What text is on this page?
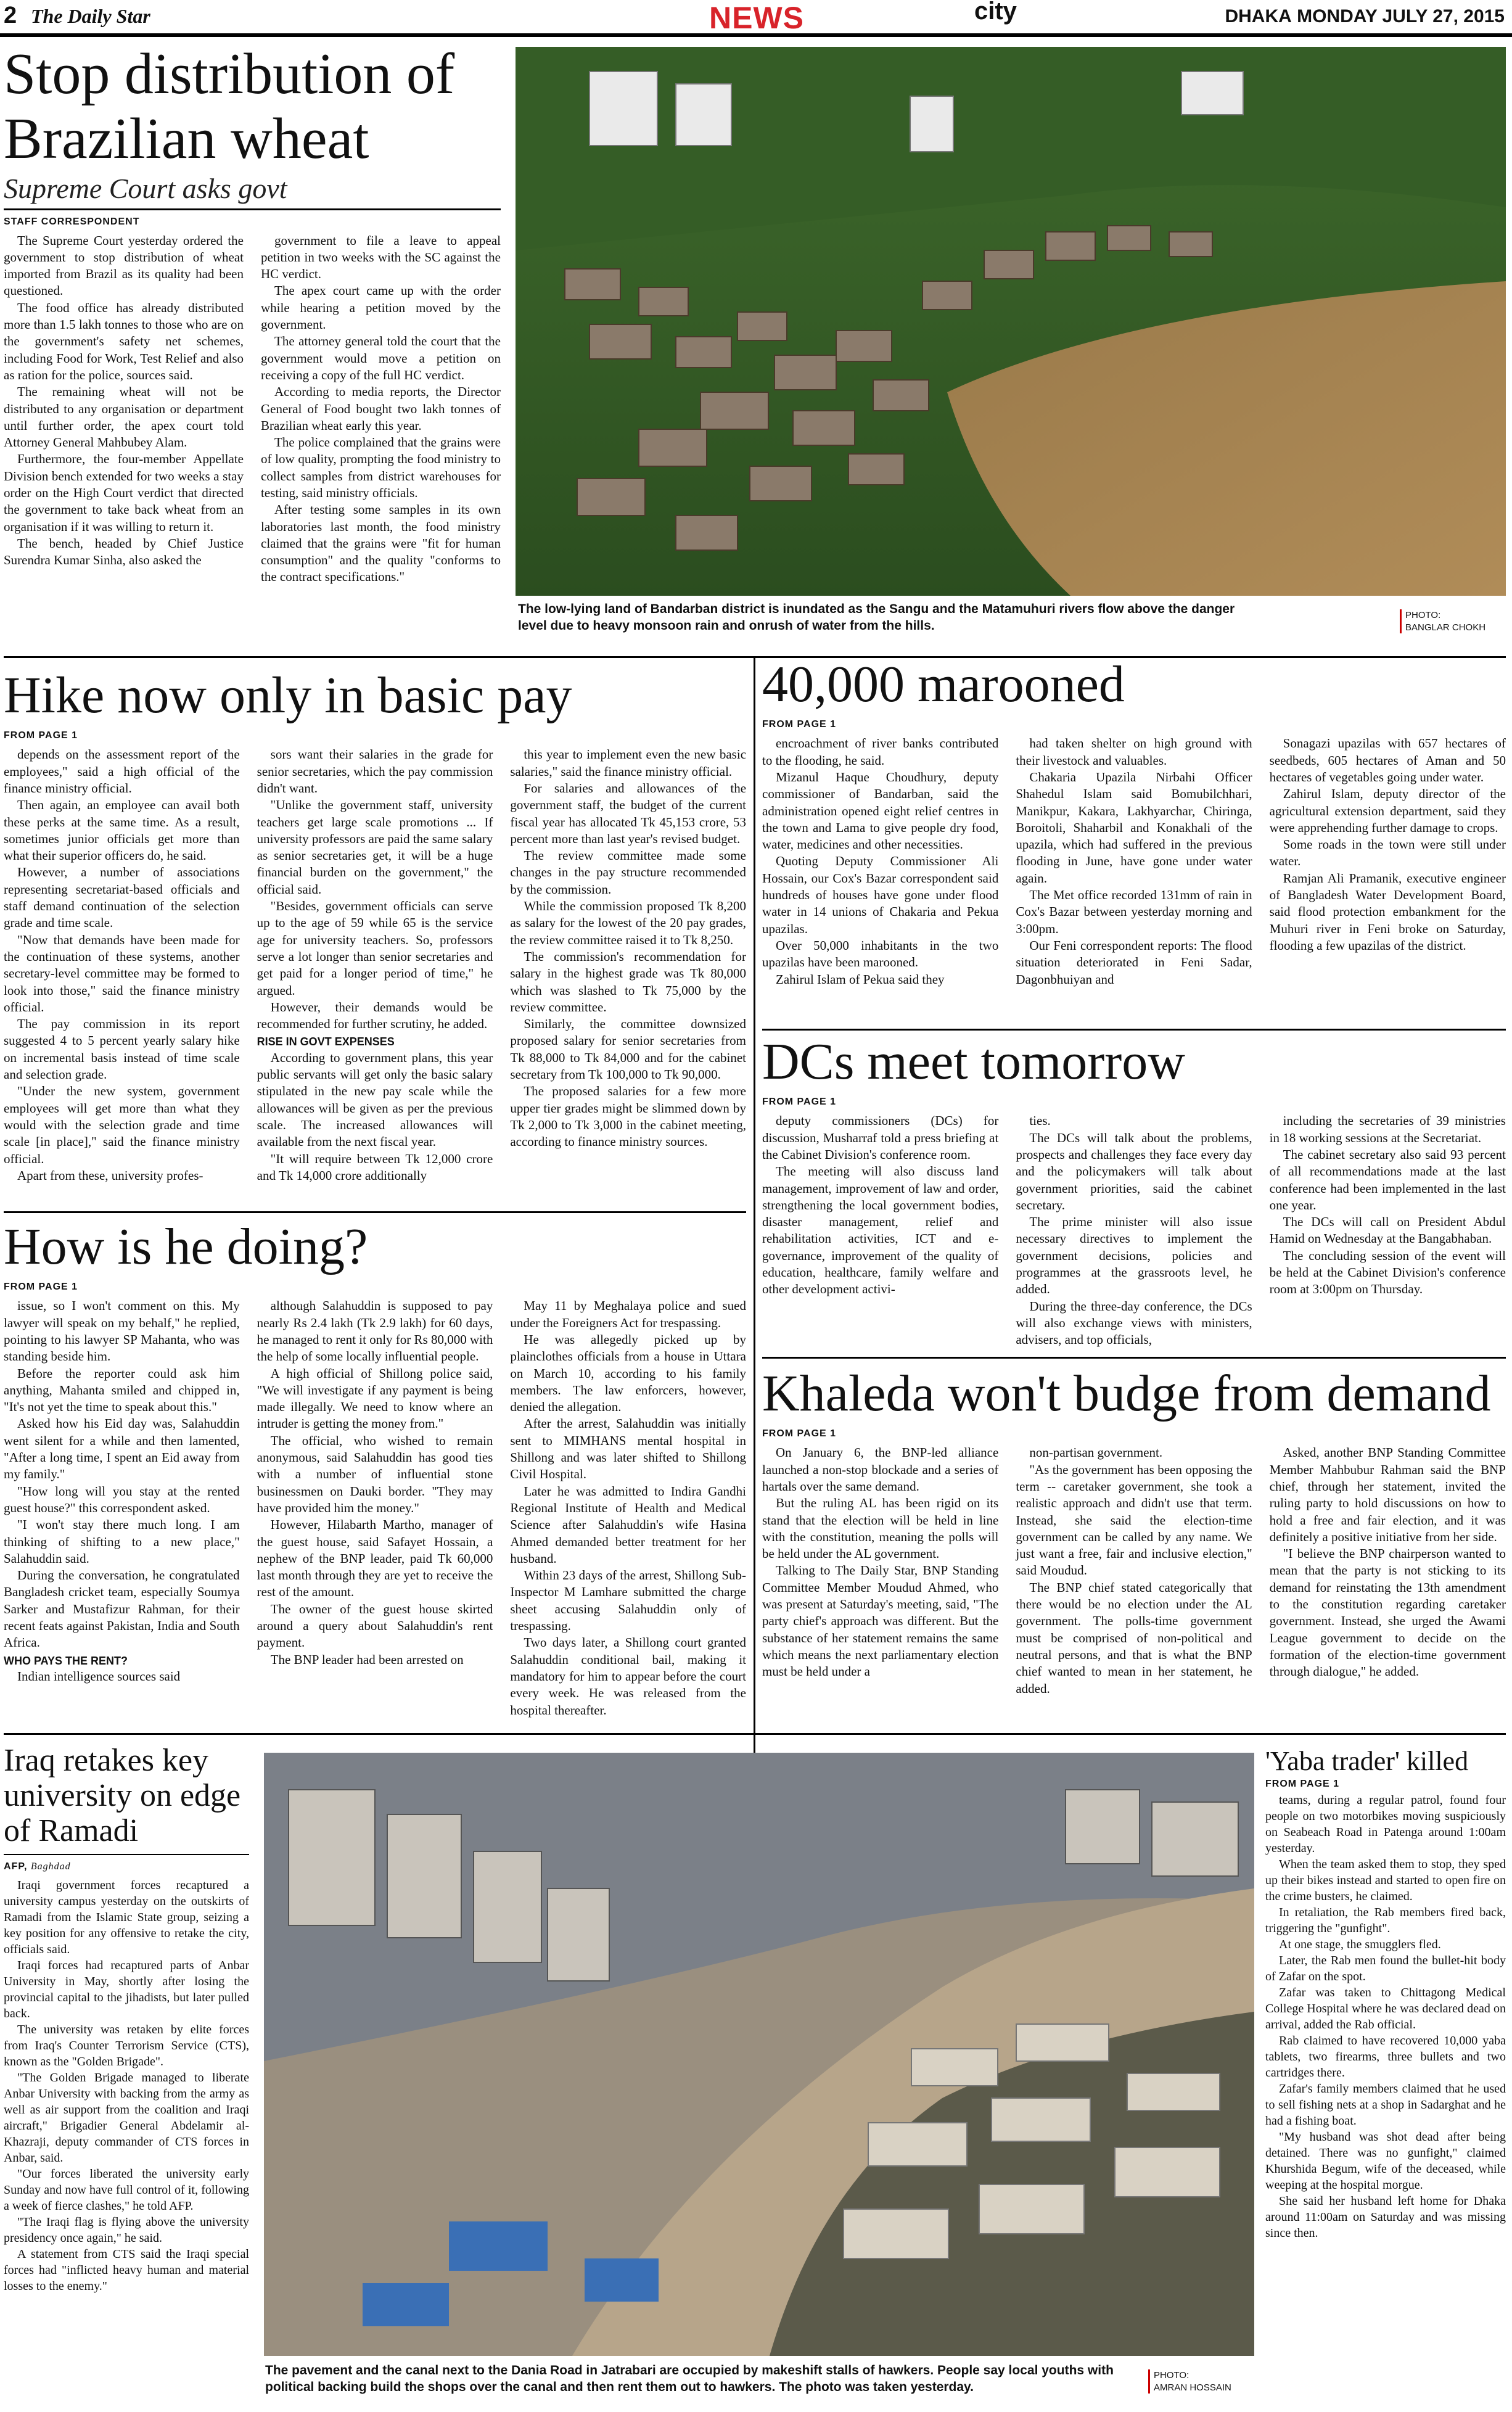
2 The Daily Star	NEWS	city	DHAKA MONDAY JULY 27, 2015
Stop distribution of Brazilian wheat
Supreme Court asks govt
STAFF CORRESPONDENT

The Supreme Court yesterday ordered the government to stop distribution of wheat imported from Brazil as its quality had been questioned.

The food office has already distributed more than 1.5 lakh tonnes to those who are on the government's safety net schemes, including Food for Work, Test Relief and also as ration for the police, sources said.

The remaining wheat will not be distributed to any organisation or department until further order, the apex court told Attorney General Mahbubey Alam.

Furthermore, the four-member Appellate Division bench extended for two weeks a stay order on the High Court verdict that directed the government to take back wheat from an organisation if it was willing to return it.

The bench, headed by Chief Justice Surendra Kumar Sinha, also asked the

government to file a leave to appeal petition in two weeks with the SC against the HC verdict.

The apex court came up with the order while hearing a petition moved by the government.

The attorney general told the court that the government would move a petition on receiving a copy of the full HC verdict.

According to media reports, the Director General of Food bought two lakh tonnes of Brazilian wheat early this year.

The police complained that the grains were of low quality, prompting the food ministry to collect samples from district warehouses for testing, said ministry officials.

After testing some samples in its own laboratories last month, the food ministry claimed that the grains were "fit for human consumption" and the quality "conforms to the contract specifications."

The low-lying land of Bandarban district is inundated as the Sangu and the Matamuhuri rivers flow above the danger level due to heavy monsoon rain and onrush of water from the hills.
PHOTO:
BANGLAR CHOKH
Hike now only in basic pay
FROM PAGE 1

depends on the assessment report of the employees," said a high official of the finance ministry official.

Then again, an employee can avail both these perks at the same time. As a result, sometimes junior officials get more than what their superior officers do, he said.

However, a number of associations representing secretariat-based officials and staff demand continuation of the selection grade and time scale.

"Now that demands have been made for the continuation of these systems, another secretary-level committee may be formed to look into those," said the finance ministry official.

The pay commission in its report suggested 4 to 5 percent yearly salary hike on incremental basis instead of time scale and selection grade.

"Under the new system, government employees will get more than what they would with the selection grade and time scale [in place]," said the finance ministry official.

Apart from these, university profes-

sors want their salaries in the grade for senior secretaries, which the pay commission didn't want.

"Unlike the government staff, university teachers get large scale promotions ... If university professors are paid the same salary as senior secretaries get, it will be a huge financial burden on the government," the official said.

"Besides, government officials can serve up to the age of 59 while 65 is the service age for university teachers. So, professors serve a lot longer than senior secretaries and get paid for a longer period of time," he argued.

However, their demands would be recommended for further scrutiny, he added.

RISE IN GOVT EXPENSES

According to government plans, this year public servants will get only the basic salary stipulated in the new pay scale while the allowances will be given as per the previous scale. The increased allowances will available from the next fiscal year.

"It will require between Tk 12,000 crore and Tk 14,000 crore additionally

this year to implement even the new basic salaries," said the finance ministry official.

For salaries and allowances of the government staff, the budget of the current fiscal year has allocated Tk 45,153 crore, 53 percent more than last year's revised budget.

The review committee made some changes in the pay structure recommended by the commission.

While the commission proposed Tk 8,200 as salary for the lowest of the 20 pay grades, the review committee raised it to Tk 8,250.

The commission's recommendation for salary in the highest grade was Tk 80,000 which was slashed to Tk 75,000 by the review committee.

Similarly, the committee downsized proposed salary for senior secretaries from Tk 88,000 to Tk 84,000 and for the cabinet secretary from Tk 100,000 to Tk 90,000.

The proposed salaries for a few more upper tier grades might be slimmed down by Tk 2,000 to Tk 3,000 in the cabinet meeting, according to finance ministry sources.

40,000 marooned
FROM PAGE 1

encroachment of river banks contributed to the flooding, he said.

Mizanul Haque Choudhury, deputy commissioner of Bandarban, said the administration opened eight relief centres in the town and Lama to give people dry food, water, medicines and other necessities.

Quoting Deputy Commissioner Ali Hossain, our Cox's Bazar correspondent said hundreds of houses have gone under flood water in 14 unions of Chakaria and Pekua upazilas.

Over 50,000 inhabitants in the two upazilas have been marooned.

Zahirul Islam of Pekua said they

had taken shelter on high ground with their livestock and valuables.

Chakaria Upazila Nirbahi Officer Shahedul Islam said Bomubilchhari, Manikpur, Kakara, Lakhyarchar, Chiringa, Boroitoli, Shaharbil and Konakhali of the upazila, which had suffered in the previous flooding in June, have gone under water again.

The Met office recorded 131mm of rain in Cox's Bazar between yesterday morning and 3:00pm.

Our Feni correspondent reports: The flood situation deteriorated in Feni Sadar, Dagonbhuiyan and

Sonagazi upazilas with 657 hectares of seedbeds, 605 hectares of Aman and 50 hectares of vegetables going under water.

Zahirul Islam, deputy director of the agricultural extension department, said they were apprehending further damage to crops.

Some roads in the town were still under water.

Ramjan Ali Pramanik, executive engineer of Bangladesh Water Development Board, said flood protection embankment for the Muhuri river in Feni broke on Saturday, flooding a few upazilas of the district.

DCs meet tomorrow
FROM PAGE 1

deputy commissioners (DCs) for discussion, Musharraf told a press briefing at the Cabinet Division's conference room.

The meeting will also discuss land management, improvement of law and order, strengthening the local government bodies, disaster management, relief and rehabilitation activities, ICT and e-governance, improvement of the quality of education, healthcare, family welfare and other development activi-

ties.

The DCs will talk about the problems, prospects and challenges they face every day and the policymakers will talk about government priorities, said the cabinet secretary.

The prime minister will also issue necessary directives to implement the government decisions, policies and programmes at the grassroots level, he added.

During the three-day conference, the DCs will also exchange views with ministers, advisers, and top officials,

including the secretaries of 39 ministries in 18 working sessions at the Secretariat.

The cabinet secretary also said 93 percent of all recommendations made at the last conference had been implemented in the last one year.

The DCs will call on President Abdul Hamid on Wednesday at the Bangabhaban.

The concluding session of the event will be held at the Cabinet Division's conference room at 3:00pm on Thursday.

How is he doing?
FROM PAGE 1

issue, so I won't comment on this. My lawyer will speak on my behalf," he replied, pointing to his lawyer SP Mahanta, who was standing beside him.

Before the reporter could ask him anything, Mahanta smiled and chipped in, "It's not yet the time to speak about this."

Asked how his Eid day was, Salahuddin went silent for a while and then lamented, "After a long time, I spent an Eid away from my family."

"How long will you stay at the rented guest house?" this correspondent asked.

"I won't stay there much long. I am thinking of shifting to a new place," Salahuddin said.

During the conversation, he congratulated Bangladesh cricket team, especially Soumya Sarker and Mustafizur Rahman, for their recent feats against Pakistan, India and South Africa.

WHO PAYS THE RENT?

Indian intelligence sources said

although Salahuddin is supposed to pay nearly Rs 2.4 lakh (Tk 2.9 lakh) for 60 days, he managed to rent it only for Rs 80,000 with the help of some locally influential people.

A high official of Shillong police said, "We will investigate if any payment is being made illegally. We need to know where an intruder is getting the money from."

The official, who wished to remain anonymous, said Salahuddin has good ties with a number of influential stone businessmen on Dauki border. "They may have provided him the money."

However, Hilabarth Martho, manager of the guest house, said Safayet Hossain, a nephew of the BNP leader, paid Tk 60,000 last month through they are yet to receive the rest of the amount.

The owner of the guest house skirted around a query about Salahuddin's rent payment.

The BNP leader had been arrested on

May 11 by Meghalaya police and sued under the Foreigners Act for trespassing.

He was allegedly picked up by plainclothes officials from a house in Uttara on March 10, according to his family members. The law enforcers, however, denied the allegation.

After the arrest, Salahuddin was initially sent to MIMHANS mental hospital in Shillong and was later shifted to Shillong Civil Hospital.

Later he was admitted to Indira Gandhi Regional Institute of Health and Medical Science after Salahuddin's wife Hasina Ahmed demanded better treatment for her husband.

Within 23 days of the arrest, Shillong Sub-Inspector M Lamhare submitted the charge sheet accusing Salahuddin only of trespassing.

Two days later, a Shillong court granted Salahuddin conditional bail, making it mandatory for him to appear before the court every week. He was released from the hospital thereafter.

Khaleda won't budge from demand
FROM PAGE 1

On January 6, the BNP-led alliance launched a non-stop blockade and a series of hartals over the same demand.

But the ruling AL has been rigid on its stand that the election will be held in line with the constitution, meaning the polls will be held under the AL government.

Talking to The Daily Star, BNP Standing Committee Member Moudud Ahmed, who was present at Saturday's meeting, said, "The party chief's approach was different. But the substance of her statement remains the same which means the next parliamentary election must be held under a

non-partisan government.

"As the government has been opposing the term -- caretaker government, she took a realistic approach and didn't use that term. Instead, she said the election-time government can be called by any name. We just want a free, fair and inclusive election," said Moudud.

The BNP chief stated categorically that there would be no election under the AL government. The polls-time government must be comprised of non-political and neutral persons, and that is what the BNP chief wanted to mean in her statement, he added.

Asked, another BNP Standing Committee Member Mahbubur Rahman said the BNP chief, through her statement, invited the ruling party to hold discussions on how to hold a free and fair election, and it was definitely a positive initiative from her side.

"I believe the BNP chairperson wanted to mean that the party is not sticking to its demand for reinstating the 13th amendment to the constitution regarding caretaker government. Instead, she urged the Awami League government to decide on the formation of the election-time government through dialogue," he added.

Iraq retakes key university on edge of Ramadi
AFP, Baghdad

Iraqi government forces recaptured a university campus yesterday on the outskirts of Ramadi from the Islamic State group, seizing a key position for any offensive to retake the city, officials said.

Iraqi forces had recaptured parts of Anbar University in May, shortly after losing the provincial capital to the jihadists, but later pulled back.

The university was retaken by elite forces from Iraq's Counter Terrorism Service (CTS), known as the "Golden Brigade".

"The Golden Brigade managed to liberate Anbar University with backing from the army as well as air support from the coalition and Iraqi aircraft," Brigadier General Abdelamir al-Khazraji, deputy commander of CTS forces in Anbar, said.

"Our forces liberated the university early Sunday and now have full control of it, following a week of fierce clashes," he told AFP.

"The Iraqi flag is flying above the university presidency once again," he said.

A statement from CTS said the Iraqi special forces had "inflicted heavy human and material losses to the enemy."

The pavement and the canal next to the Dania Road in Jatrabari are occupied by makeshift stalls of hawkers. People say local youths with political backing build the shops over the canal and then rent them out to hawkers. The photo was taken yesterday.
PHOTO:
AMRAN HOSSAIN
'Yaba trader' killed
FROM PAGE 1

teams, during a regular patrol, found four people on two motorbikes moving suspiciously on Seabeach Road in Patenga around 1:00am yesterday.

When the team asked them to stop, they sped up their bikes instead and started to open fire on the crime busters, he claimed.

In retaliation, the Rab members fired back, triggering the "gunfight".

At one stage, the smugglers fled.

Later, the Rab men found the bullet-hit body of Zafar on the spot.

Zafar was taken to Chittagong Medical College Hospital where he was declared dead on arrival, added the Rab official.

Rab claimed to have recovered 10,000 yaba tablets, two firearms, three bullets and two cartridges there.

Zafar's family members claimed that he used to sell fishing nets at a shop in Sadarghat and he had a fishing boat.

"My husband was shot dead after being detained. There was no gunfight," claimed Khurshida Begum, wife of the deceased, while weeping at the hospital morgue.

She said her husband left home for Dhaka around 11:00am on Saturday and was missing since then.
